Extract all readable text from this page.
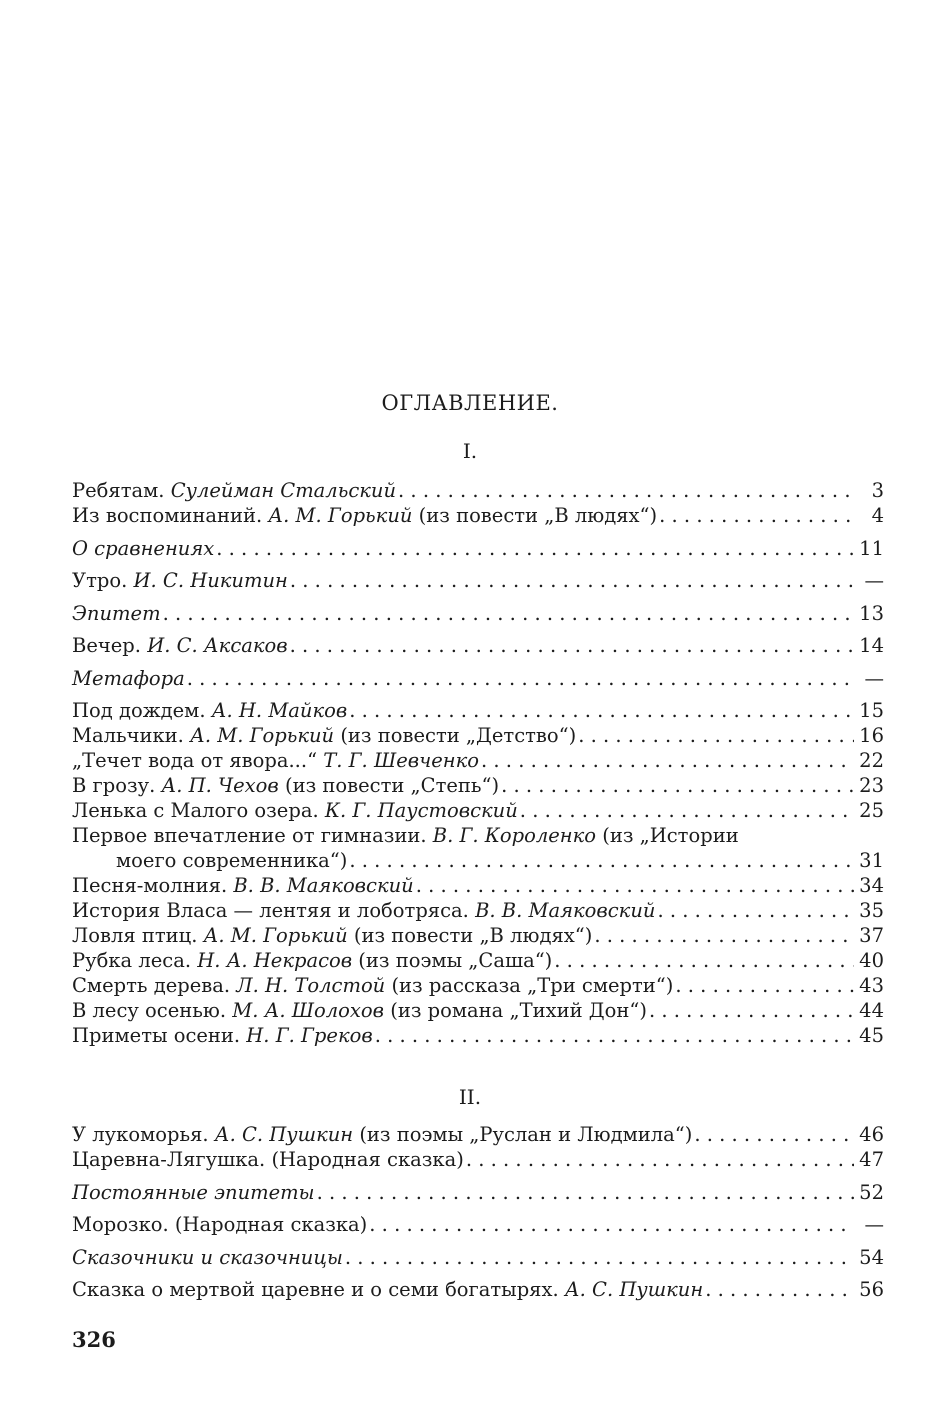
ОГЛАВЛЕНИЕ.
I.
Ребятам. Сулейман Стальский . . .	3
Из воспоминаний. А. М. Горький (из повести „В людях“) . . .	4
О сравнениях . . .	11
Утро. И. С. Никитин . . .	—
Эпитет . . .	13
Вечер. И. С. Аксаков . . .	14
Метафора . . .	—
Под дождем. А. Н. Майков . . .	15
Мальчики. А. М. Горький (из повести „Детство“) . . .	16
„Течет вода от явора...“ Т. Г. Шевченко . . .	22
В грозу. А. П. Чехов (из повести „Степь“) . . .	23
Ленька с Малого озера. К. Г. Паустовский . . .	25
Первое впечатление от гимназии. В. Г. Короленко (из „Истории
моего современника“) . . .	31
Песня-молния. В. В. Маяковский . . .	34
История Власа — лентяя и лоботряса. В. В. Маяковский . . .	35
Ловля птиц. А. М. Горький (из повести „В людях“) . . .	37
Рубка леса. Н. А. Некрасов (из поэмы „Саша“) . . .	40
Смерть дерева. Л. Н. Толстой (из рассказа „Три смерти“) . . .	43
В лесу осенью. М. А. Шолохов (из романа „Тихий Дон“) . . .	44
Приметы осени. Н. Г. Греков . . .	45
II.
У лукоморья. А. С. Пушкин (из поэмы „Руслан и Людмила“) . . .	46
Царевна-Лягушка. (Народная сказка) . . .	47
Постоянные эпитеты . . .	52
Морозко. (Народная сказка) . . .	—
Сказочники и сказочницы . . .	54
Сказка о мертвой царевне и о семи богатырях. А. С. Пушкин . . .	56
326
